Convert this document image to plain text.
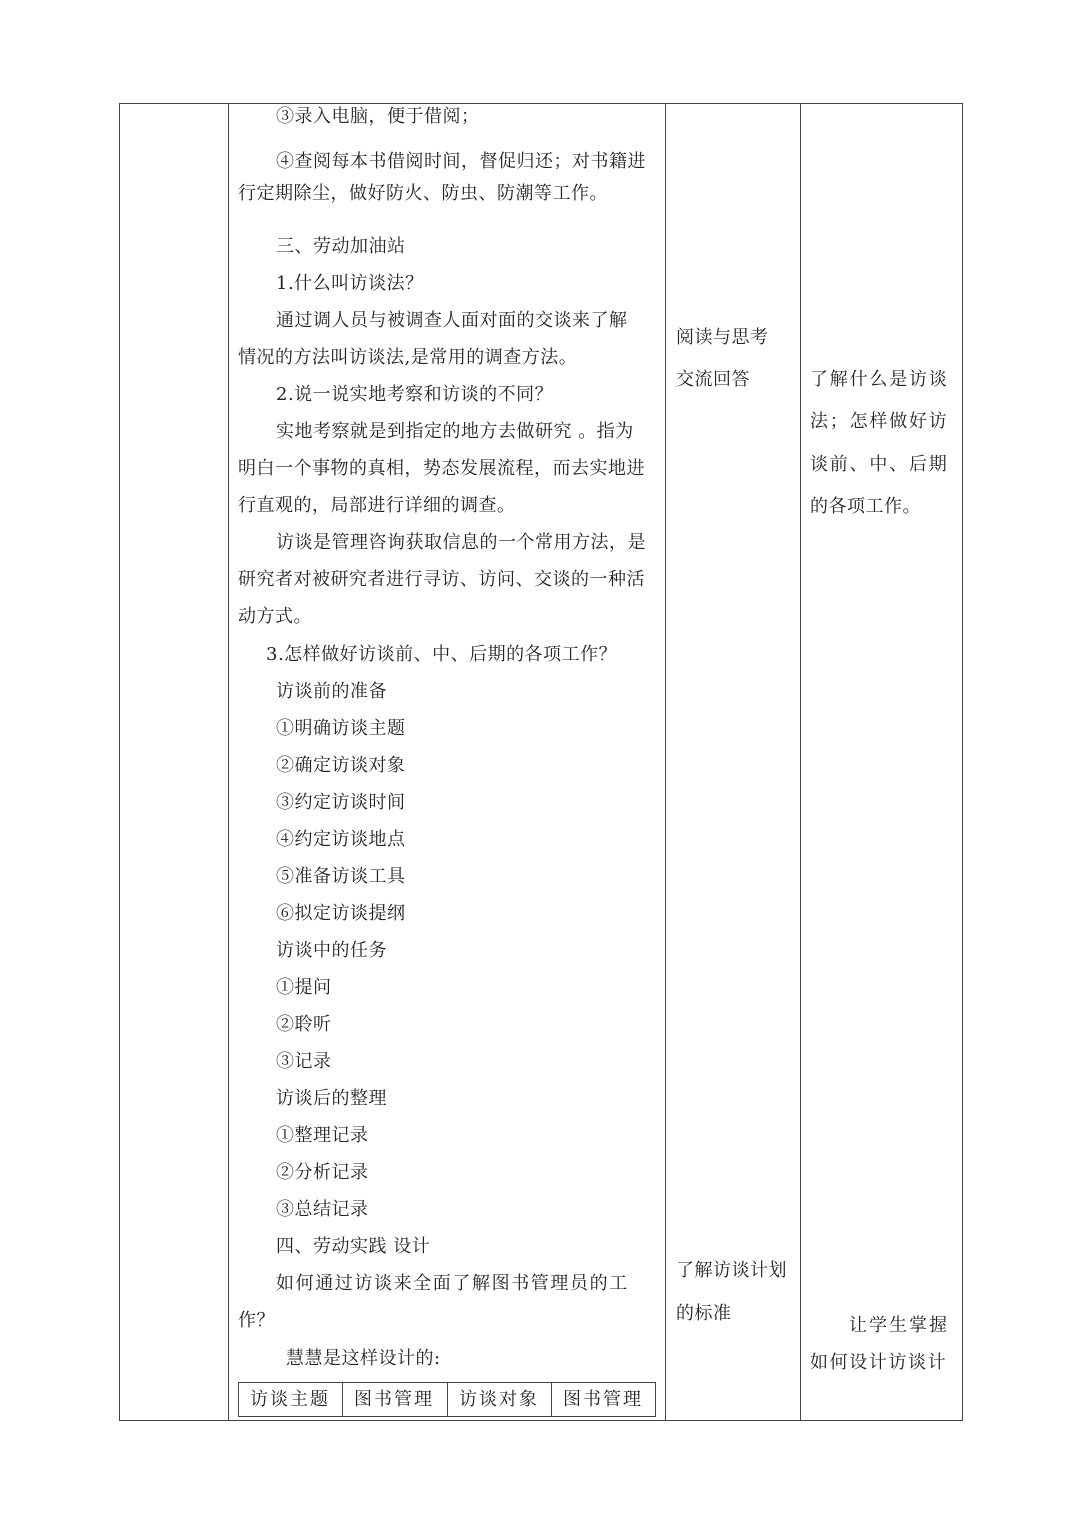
③录入电脑，便于借阅；
④查阅每本书借阅时间，督促归还；对书籍进
行定期除尘，做好防火、防虫、防潮等工作。
三、劳动加油站
1.什么叫访谈法？
通过调人员与被调查人面对面的交谈来了解
情况的方法叫访谈法,是常用的调查方法。
2.说一说实地考察和访谈的不同？
实地考察就是到指定的地方去做研究 。指为
明白一个事物的真相，势态发展流程，而去实地进
行直观的，局部进行详细的调查。
访谈是管理咨询获取信息的一个常用方法，是
研究者对被研究者进行寻访、访问、交谈的一种活
动方式。
3.怎样做好访谈前、中、后期的各项工作？
访谈前的准备
①明确访谈主题
②确定访谈对象
③约定访谈时间
④约定访谈地点
⑤准备访谈工具
⑥拟定访谈提纲
访谈中的任务
①提问
②聆听
③记录
访谈后的整理
①整理记录
②分析记录
③总结记录
四、劳动实践 设计
如何通过访谈来全面了解图书管理员的工
作？
慧慧是这样设计的:
访谈主题	图书管理	访谈对象	图书管理
阅读与思考
交流回答
了解访谈计划
的标准
了解什么是访谈
法；怎样做好访
谈前、中、后期
的各项工作。
让学生掌握
如何设计访谈计
